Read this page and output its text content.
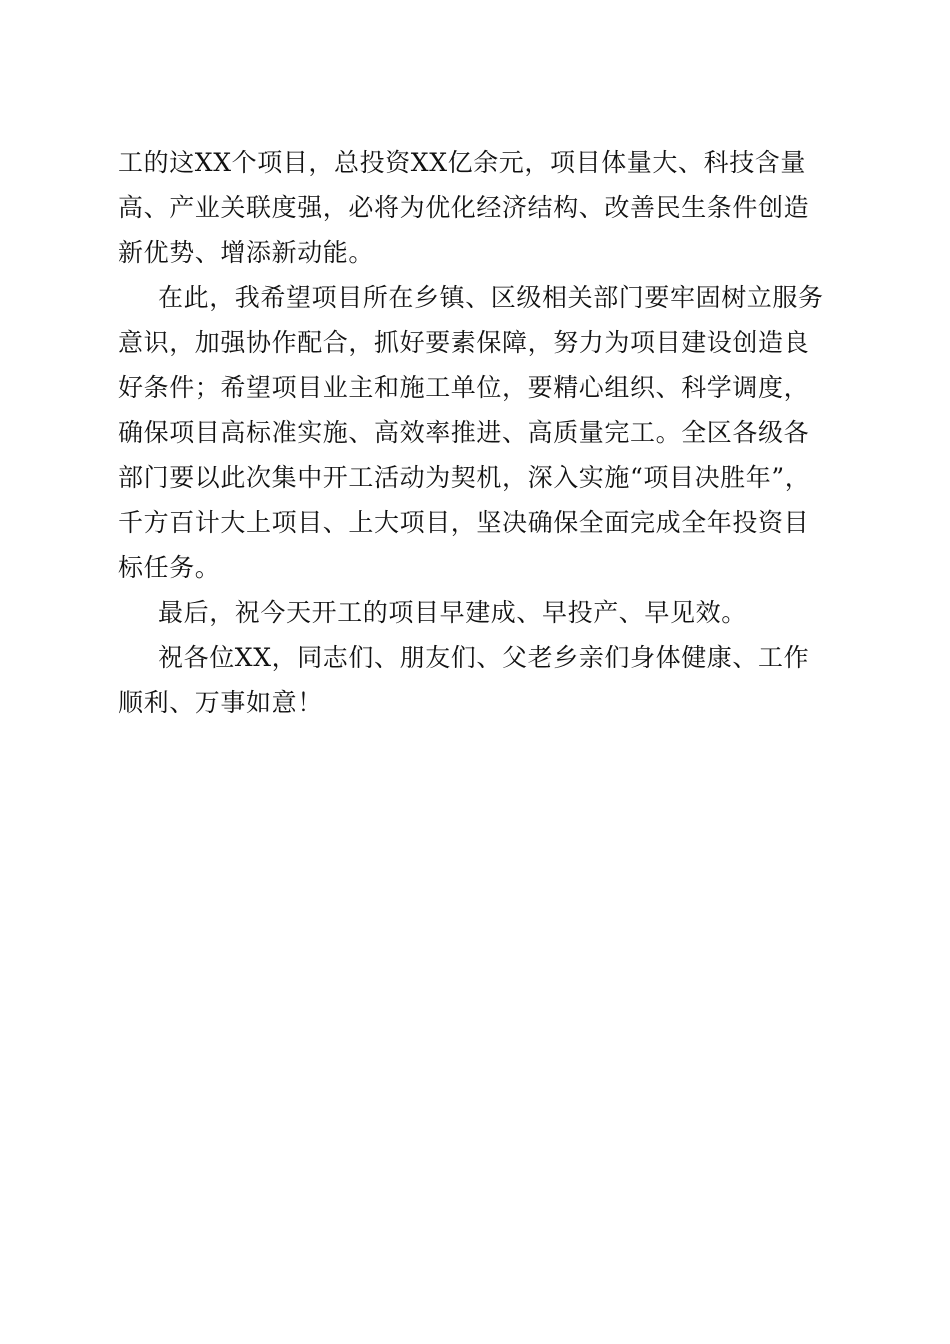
工的这XX个项目，总投资XX亿余元，项目体量大、科技含量
高、产业关联度强，必将为优化经济结构、改善民生条件创造
新优势、增添新动能。
在此，我希望项目所在乡镇、区级相关部门要牢固树立服务
意识，加强协作配合，抓好要素保障，努力为项目建设创造良
好条件；希望项目业主和施工单位，要精心组织、科学调度，
确保项目高标准实施、高效率推进、高质量完工。全区各级各
部门要以此次集中开工活动为契机，深入实施“项目决胜年”，
千方百计大上项目、上大项目，坚决确保全面完成全年投资目
标任务。
最后，祝今天开工的项目早建成、早投产、早见效。
祝各位XX，同志们、朋友们、父老乡亲们身体健康、工作
顺利、万事如意！
